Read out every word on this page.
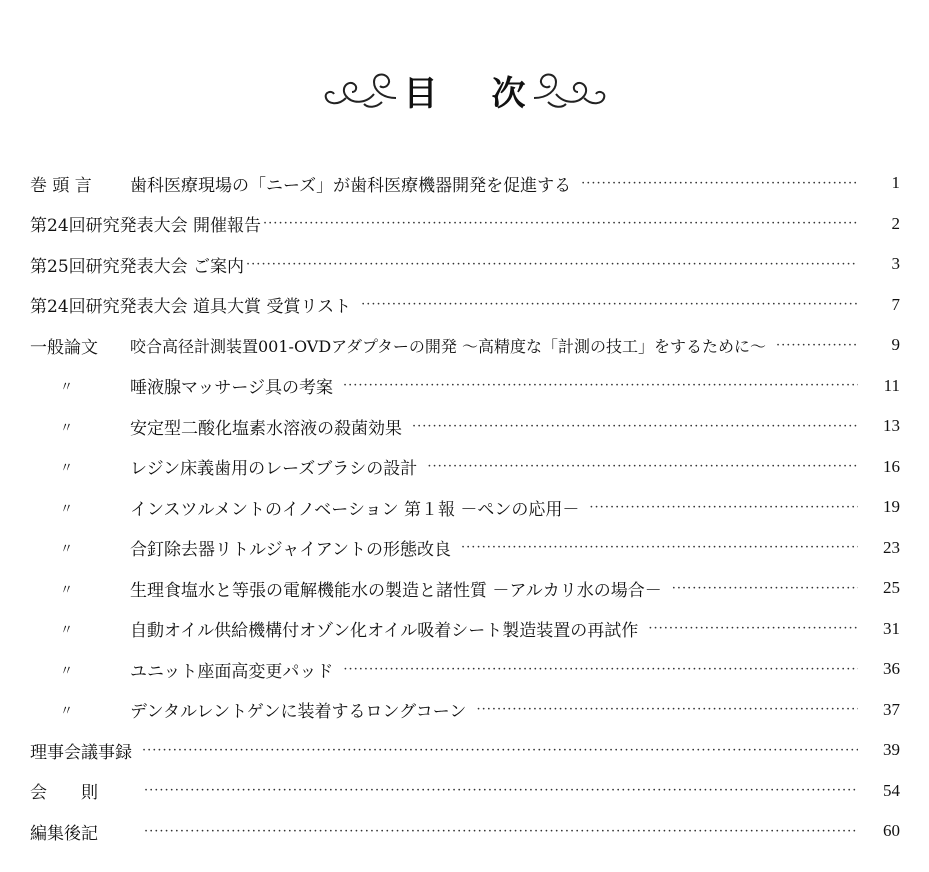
目 次
巻 頭 言	歯科医療現場の「ニーズ」が歯科医療機器開発を促進する ·····	1
第24回研究発表大会 開催報告 ·····	2
第25回研究発表大会 ご案内 ·····	3
第24回研究発表大会 道具大賞 受賞リスト ·····	7
一般論文	咬合高径計測装置001-OVDアダプターの開発 ～高精度な「計測の技工」をするために～ ·····	9
〃	唾液腺マッサージ具の考案 ·····	11
〃	安定型二酸化塩素水溶液の殺菌効果 ·····	13
〃	レジン床義歯用のレーズブラシの設計 ·····	16
〃	インスツルメントのイノベーション 第１報 －ペンの応用－ ·····	19
〃	合釘除去器リトルジャイアントの形態改良 ·····	23
〃	生理食塩水と等張の電解機能水の製造と諸性質 －アルカリ水の場合－ ·····	25
〃	自動オイル供給機構付オゾン化オイル吸着シート製造装置の再試作 ·····	31
〃	ユニット座面高変更パッド ·····	36
〃	デンタルレントゲンに装着するロングコーン ·····	37
理事会議事録 ·····	39
会　　則 ·····	54
編集後記 ·····	60
